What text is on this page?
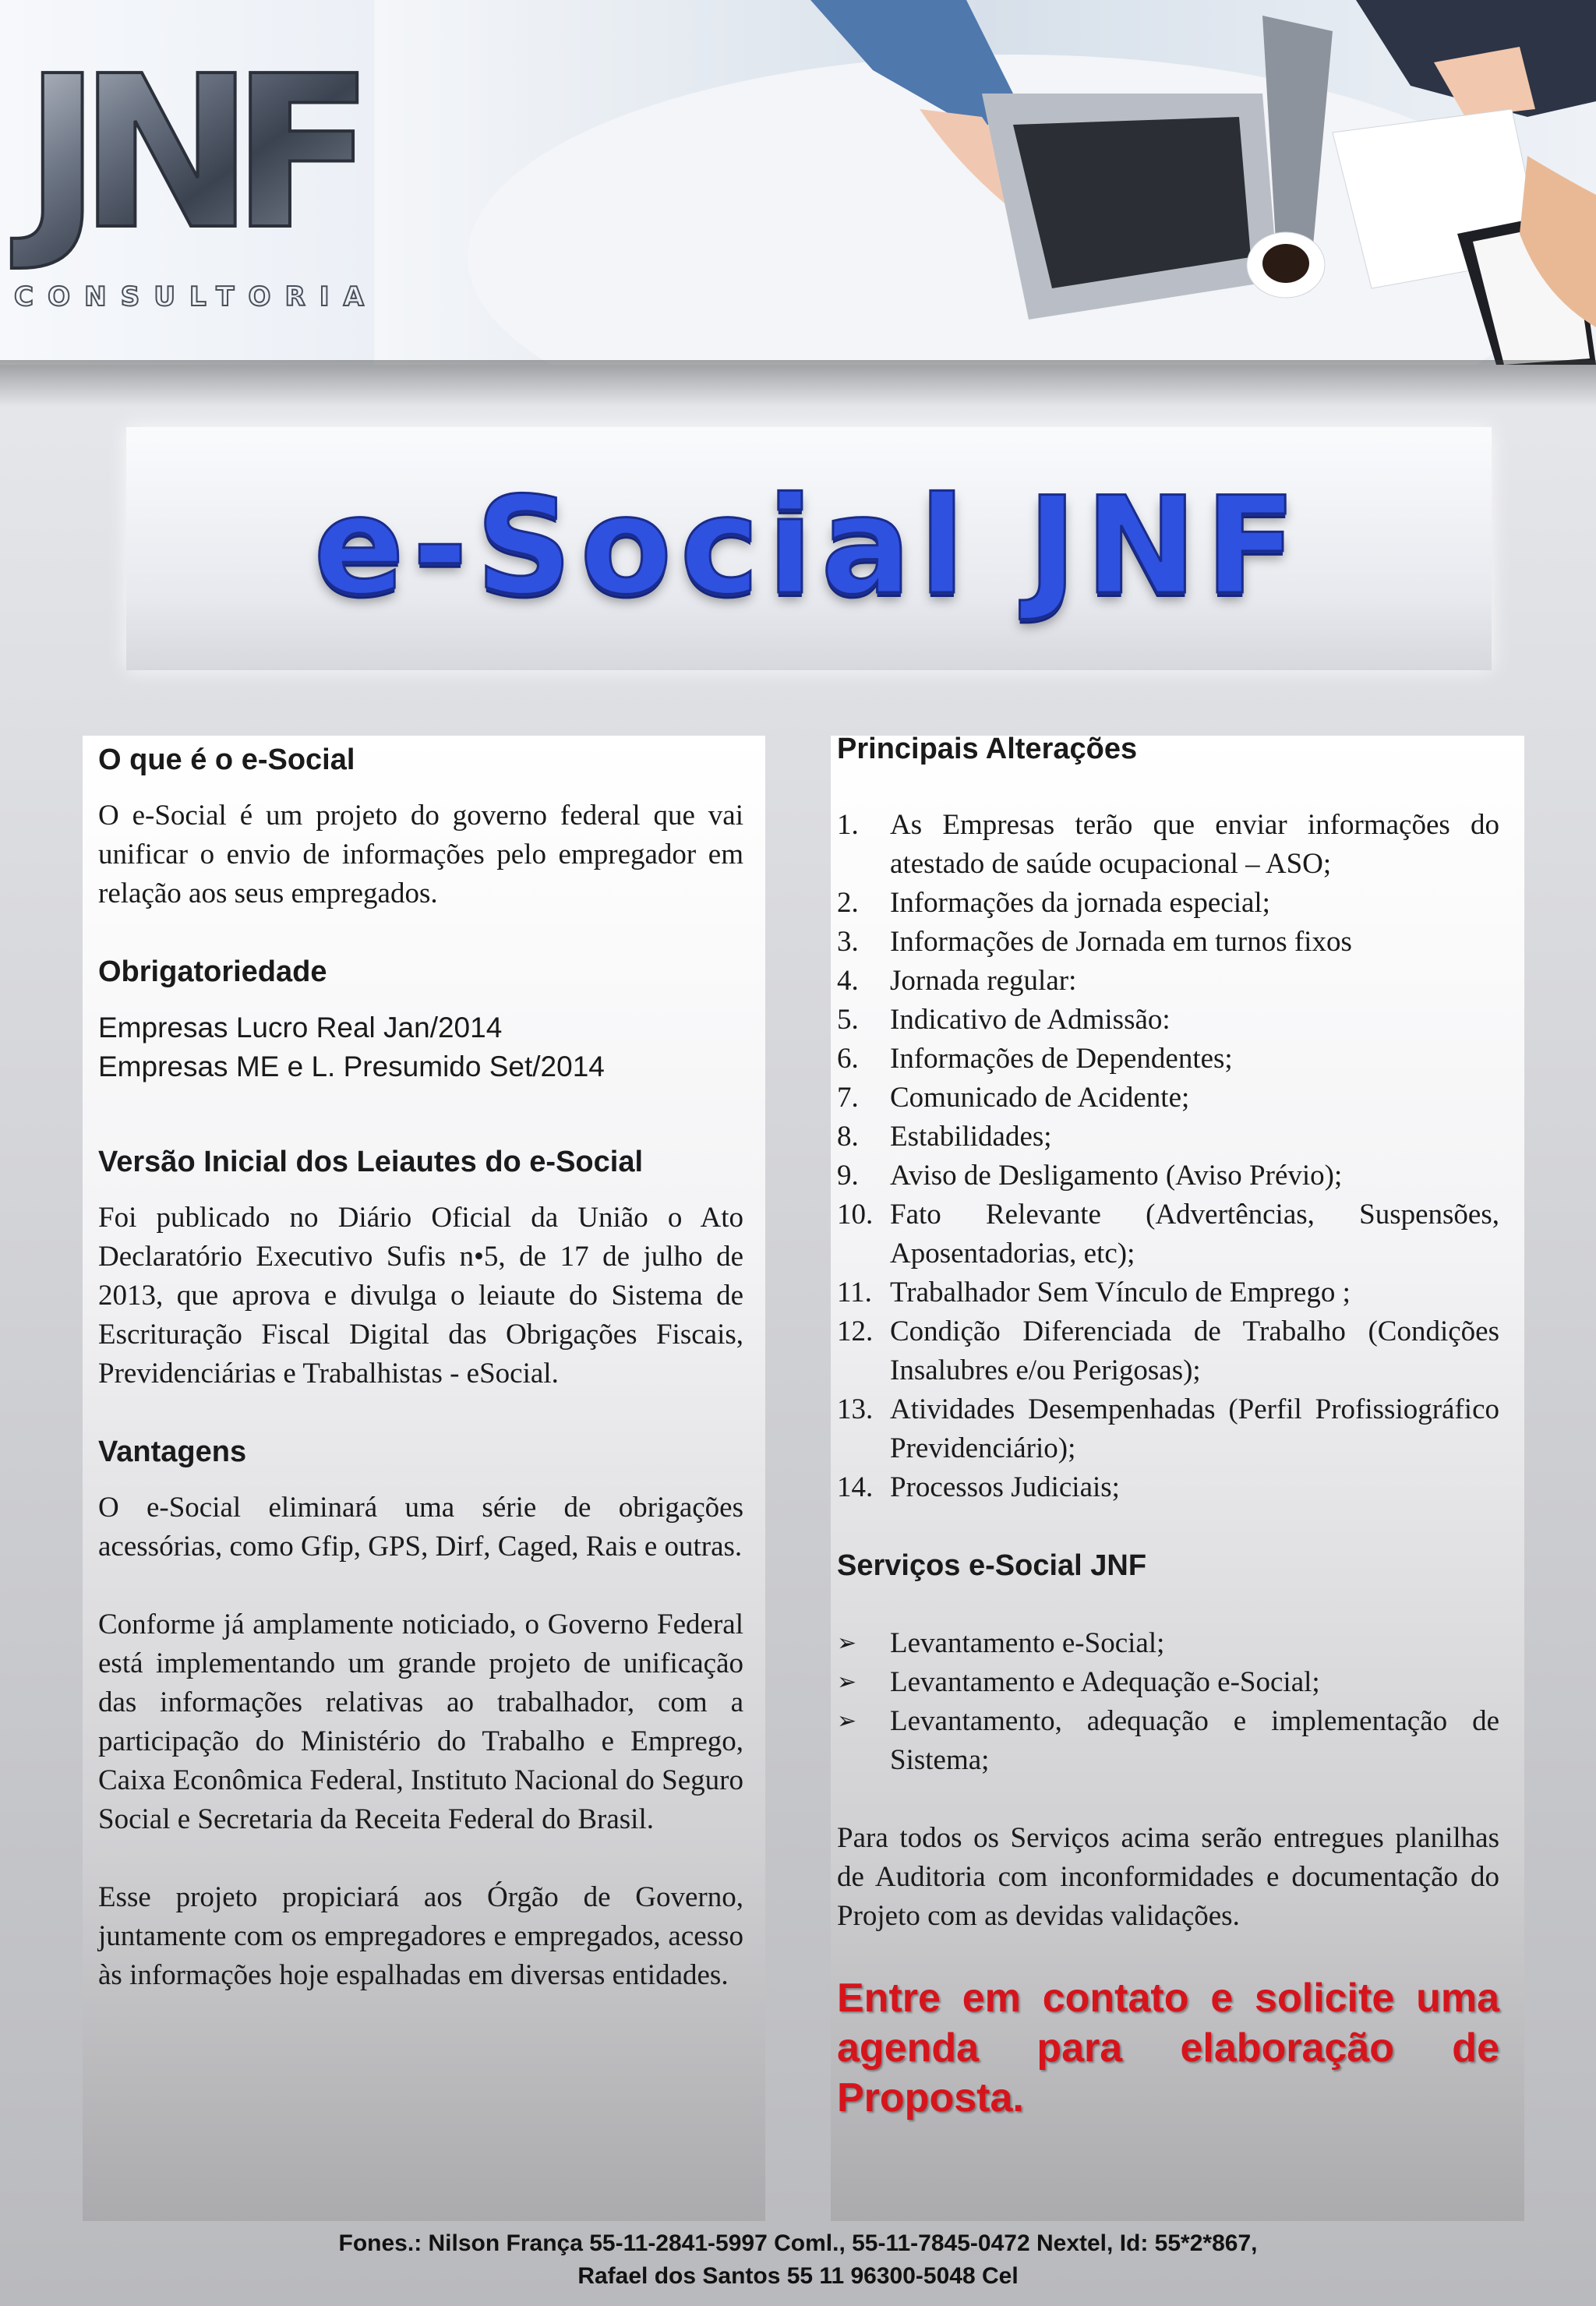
JNF
CONSULTORIA
e-Social JNF
O que é o e-Social

O e-Social é um projeto do governo federal que vai unificar o envio de informações pelo empregador em relação aos seus empregados.

Obrigatoriedade

Empresas Lucro Real Jan/2014

Empresas ME e L. Presumido Set/2014

Versão Inicial dos Leiautes do e-Social

Foi publicado no Diário Oficial da União o Ato Declaratório Executivo Sufis n•5, de 17 de julho de 2013, que aprova e divulga o leiaute do Sistema de Escrituração Fiscal Digital das Obrigações Fiscais, Previdenciárias e Trabalhistas - eSocial.

Vantagens

O e-Social eliminará uma série de obrigações acessórias, como Gfip, GPS, Dirf, Caged, Rais e outras.

Conforme já amplamente noticiado, o Governo Federal está implementando um grande projeto de unificação das informações relativas ao trabalhador, com a participação do Ministério do Trabalho e Emprego, Caixa Econômica Federal, Instituto Nacional do Seguro Social e Secretaria da Receita Federal do Brasil.

Esse projeto propiciará aos Órgão de Governo, juntamente com os empregadores e empregados, acesso às informações hoje espalhadas em diversas entidades.

Principais Alterações
1. As Empresas terão que enviar informações do atestado de saúde ocupacional – ASO;
2. Informações da jornada especial;
3. Informações de Jornada em turnos fixos
4. Jornada regular:
5. Indicativo de Admissão:
6. Informações de Dependentes;
7. Comunicado de Acidente;
8. Estabilidades;
9. Aviso de Desligamento (Aviso Prévio);
10. Fato Relevante (Advertências, Suspensões, Aposentadorias, etc);
11. Trabalhador Sem Vínculo de Emprego ;
12. Condição Diferenciada de Trabalho (Condições Insalubres e/ou Perigosas);
13. Atividades Desempenhadas (Perfil Profissiográfico Previdenciário);
14. Processos Judiciais;
Serviços e-Social JNF
➢ Levantamento e-Social;
➢ Levantamento e Adequação e-Social;
➢ Levantamento, adequação e implementação de Sistema;

Para todos os Serviços acima serão entregues planilhas de Auditoria com inconformidades e documentação do Projeto com as devidas validações.

Entre em contato e solicite uma agenda para elaboração de Proposta.

Fones.: Nilson França 55-11-2841-5997 Coml., 55-11-7845-0472 Nextel, Id: 55*2*867,
Rafael dos Santos 55 11 96300-5048 Cel
